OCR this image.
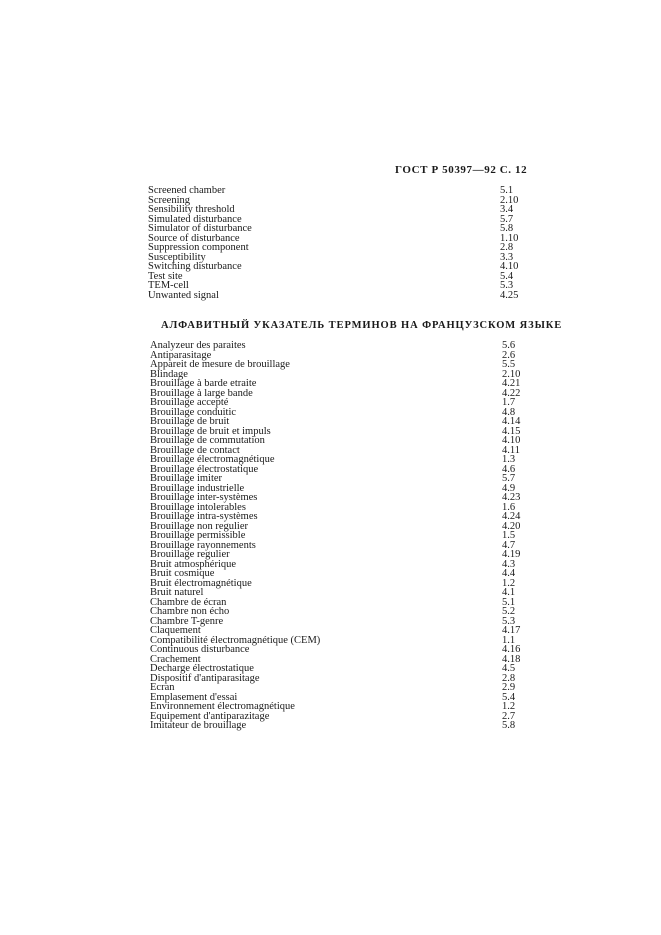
ГОСТ Р 50397—92 С. 12
Screened chamber	5.1
Screening	2.10
Sensibility threshold	3.4
Simulated disturbance	5.7
Simulator of disturbance	5.8
Source of disturbance	1.10
Suppression component	2.8
Susceptibility	3.3
Switching disturbance	4.10
Test site	5.4
TEM-cell	5.3
Unwanted signal	4.25
АЛФАВИТНЫЙ УКАЗАТЕЛЬ ТЕРМИНОВ НА ФРАНЦУЗСКОМ ЯЗЫКЕ
Analyzeur des paraites	5.6
Antiparasitage	2.6
Appareit de mesure de brouillage	5.5
Blindage	2.10
Brouillage à barde etraite	4.21
Brouillage à large bande	4.22
Brouillage accepté	1.7
Brouillage conduitic	4.8
Brouillage de bruit	4.14
Brouillage de bruit et impuls	4.15
Brouillage de commutation	4.10
Brouillage de contact	4.11
Brouillage électromagnétique	1.3
Brouillage électrostatique	4.6
Brouillage imiter	5.7
Brouillage industrielle	4.9
Brouillage inter-systèmes	4.23
Brouillage intolerables	1.6
Brouillage intra-systèmes	4.24
Brouillage non regulier	4.20
Brouillage permissible	1.5
Brouillage rayonnements	4.7
Brouillage regulier	4.19
Bruit atmosphérique	4.3
Bruit cosmique	4.4
Bruit électromagnétique	1.2
Bruit naturel	4.1
Chambre de écran	5.1
Chambre non écho	5.2
Chambre T-genre	5.3
Claquement	4.17
Compatibilité électromagnétique (CEM)	1.1
Continuous disturbance	4.16
Crachement	4.18
Decharge électrostatique	4.5
Dispositif d'antiparasitage	2.8
Ecran	2.9
Emplasement d'essai	5.4
Environnement électromagnétique	1.2
Equipement d'antiparazitage	2.7
Imitateur de brouillage	5.8
